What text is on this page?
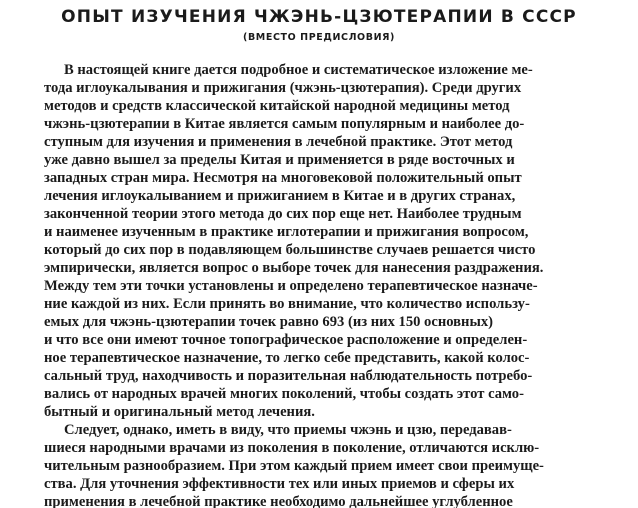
ОПЫТ ИЗУЧЕНИЯ ЧЖЭНЬ-ЦЗЮТЕРАПИИ В СССР
(ВМЕСТО ПРЕДИСЛОВИЯ)
В настоящей книге дается подробное и систематическое изложение ме-
тода иглоукалывания и прижигания (чжэнь-цзютерапия). Среди других
методов и средств классической китайской народной медицины метод
чжэнь-цзютерапии в Китае является самым популярным и наиболее до-
ступным для изучения и применения в лечебной практике. Этот метод
уже давно вышел за пределы Китая и применяется в ряде восточных и
западных стран мира. Несмотря на многовековой положительный опыт
лечения иглоукалыванием и прижиганием в Китае и в других странах,
законченной теории этого метода до сих пор еще нет. Наиболее трудным
и наименее изученным в практике иглотерапии и прижигания вопросом,
который до сих пор в подавляющем большинстве случаев решается чисто
эмпирически, является вопрос о выборе точек для нанесения раздражения.
Между тем эти точки установлены и определено терапевтическое назначе-
ние каждой из них. Если принять во внимание, что количество использу-
емых для чжэнь-цзютерапии точек равно 693 (из них 150 основных)
и что все они имеют точное топографическое расположение и определен-
ное терапевтическое назначение, то легко себе представить, какой колос-
сальный труд, находчивость и поразительная наблюдательность потребо-
вались от народных врачей многих поколений, чтобы создать этот само-
бытный и оригинальный метод лечения.
Следует, однако, иметь в виду, что приемы чжэнь и цзю, передавав-
шиеся народными врачами из поколения в поколение, отличаются исклю-
чительным разнообразием. При этом каждый прием имеет свои преимуще-
ства. Для уточнения эффективности тех или иных приемов и сферы их
применения в лечебной практике необходимо дальнейшее углубленное
